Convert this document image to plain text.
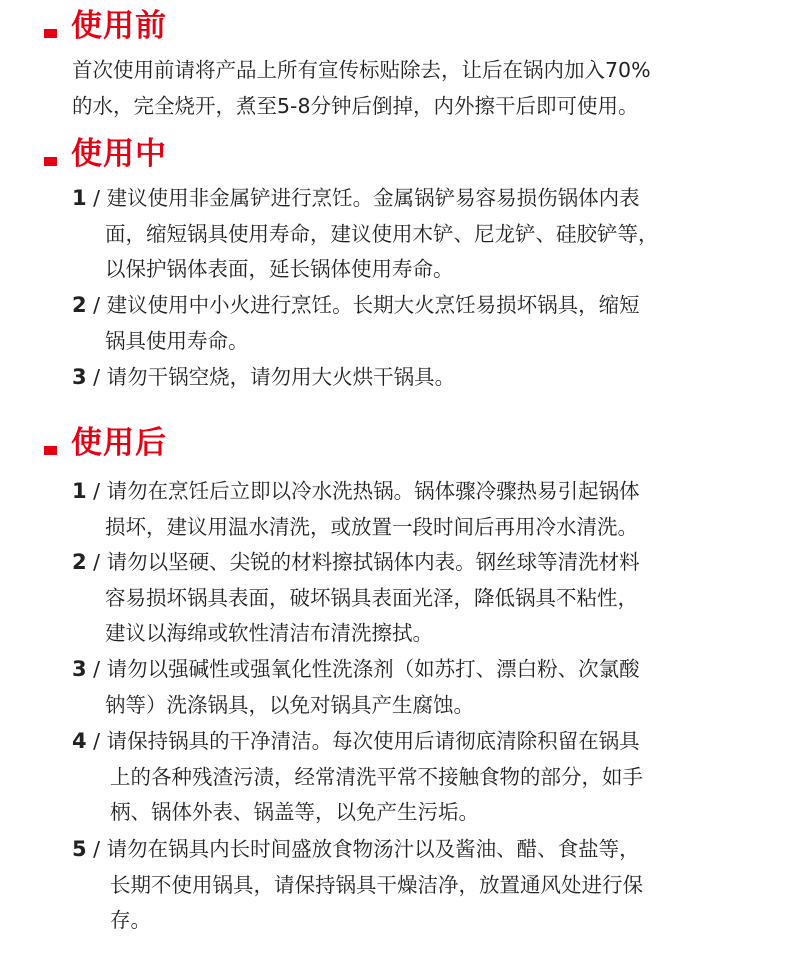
使用前
首次使用前请将产品上所有宣传标贴除去，让后在锅内加入70%
的水，完全烧开，煮至5-8分钟后倒掉，内外擦干后即可使用。
使用中
1 / 建议使用非金属铲进行烹饪。金属锅铲易容易损伤锅体内表
面，缩短锅具使用寿命，建议使用木铲、尼龙铲、硅胶铲等，
以保护锅体表面，延长锅体使用寿命。
2 / 建议使用中小火进行烹饪。长期大火烹饪易损坏锅具，缩短
锅具使用寿命。
3 / 请勿干锅空烧，请勿用大火烘干锅具。
使用后
1 / 请勿在烹饪后立即以冷水洗热锅。锅体骤冷骤热易引起锅体
损坏，建议用温水清洗，或放置一段时间后再用冷水清洗。
2 / 请勿以坚硬、尖锐的材料擦拭锅体内表。钢丝球等清洗材料
容易损坏锅具表面，破坏锅具表面光泽，降低锅具不粘性，
建议以海绵或软性清洁布清洗擦拭。
3 / 请勿以强碱性或强氧化性洗涤剂（如苏打、漂白粉、次氯酸
钠等）洗涤锅具，以免对锅具产生腐蚀。
4 / 请保持锅具的干净清洁。每次使用后请彻底清除积留在锅具
上的各种残渣污渍，经常清洗平常不接触食物的部分，如手
柄、锅体外表、锅盖等，以免产生污垢。
5 / 请勿在锅具内长时间盛放食物汤汁以及酱油、醋、食盐等，
长期不使用锅具，请保持锅具干燥洁净，放置通风处进行保
存。
